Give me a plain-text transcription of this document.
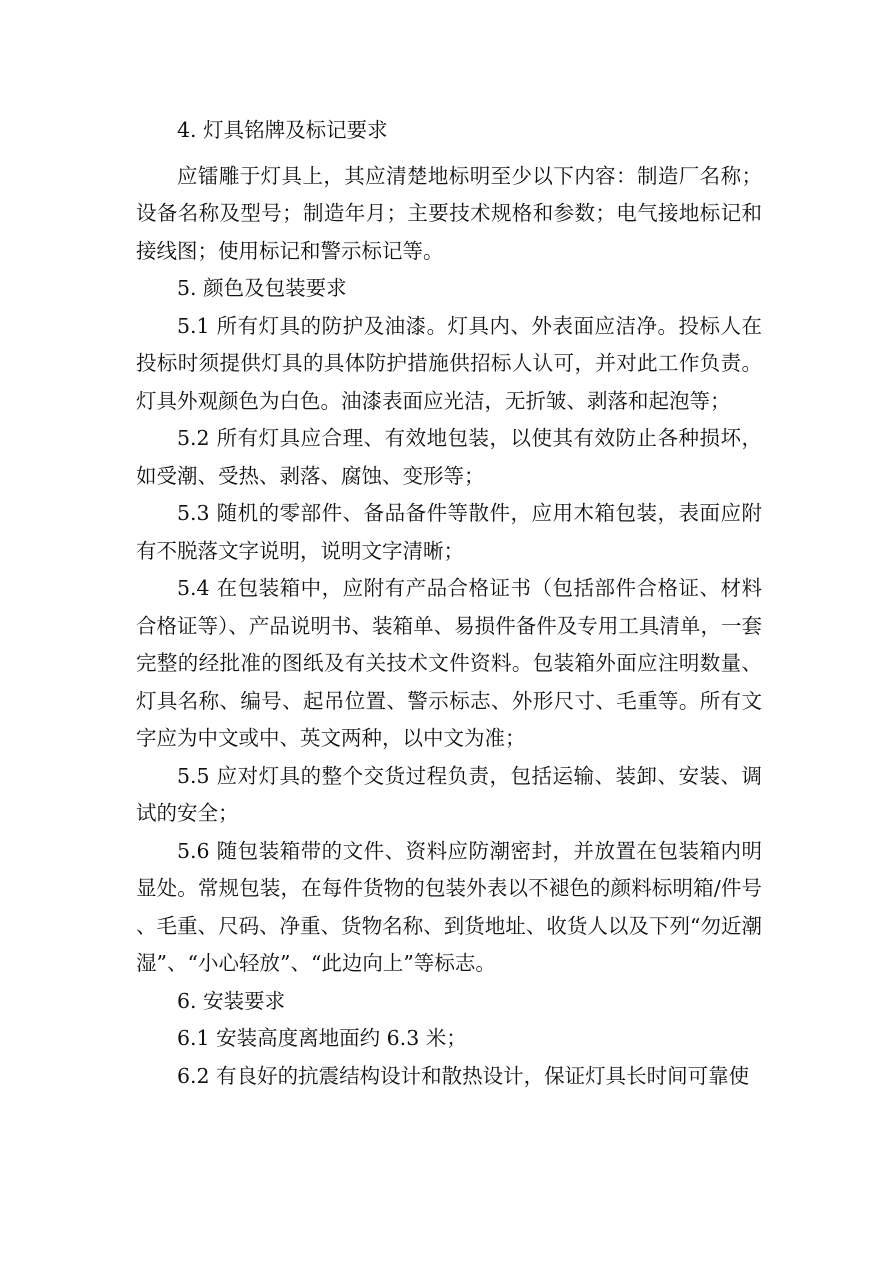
4. 灯具铭牌及标记要求

应镭雕于灯具上，其应清楚地标明至少以下内容：制造厂名称；设备名称及型号；制造年月；主要技术规格和参数；电气接地标记和接线图；使用标记和警示标记等。

5. 颜色及包装要求

5.1 所有灯具的防护及油漆。灯具内、外表面应洁净。投标人在投标时须提供灯具的具体防护措施供招标人认可，并对此工作负责。灯具外观颜色为白色。油漆表面应光洁，无折皱、剥落和起泡等；

5.2 所有灯具应合理、有效地包装，以使其有效防止各种损坏，如受潮、受热、剥落、腐蚀、变形等；

5.3 随机的零部件、备品备件等散件，应用木箱包装，表面应附有不脱落文字说明，说明文字清晰；

5.4 在包装箱中，应附有产品合格证书（包括部件合格证、材料合格证等）、产品说明书、装箱单、易损件备件及专用工具清单，一套完整的经批准的图纸及有关技术文件资料。包装箱外面应注明数量、灯具名称、编号、起吊位置、警示标志、外形尺寸、毛重等。所有文字应为中文或中、英文两种，以中文为准；

5.5 应对灯具的整个交货过程负责，包括运输、装卸、安装、调试的安全；

5.6 随包装箱带的文件、资料应防潮密封，并放置在包装箱内明显处。常规包装，在每件货物的包装外表以不褪色的颜料标明箱/件号、毛重、尺码、净重、货物名称、到货地址、收货人以及下列“勿近潮湿”、“小心轻放”、“此边向上”等标志。

6. 安装要求

6.1 安装高度离地面约 6.3 米；

6.2 有良好的抗震结构设计和散热设计，保证灯具长时间可靠使
